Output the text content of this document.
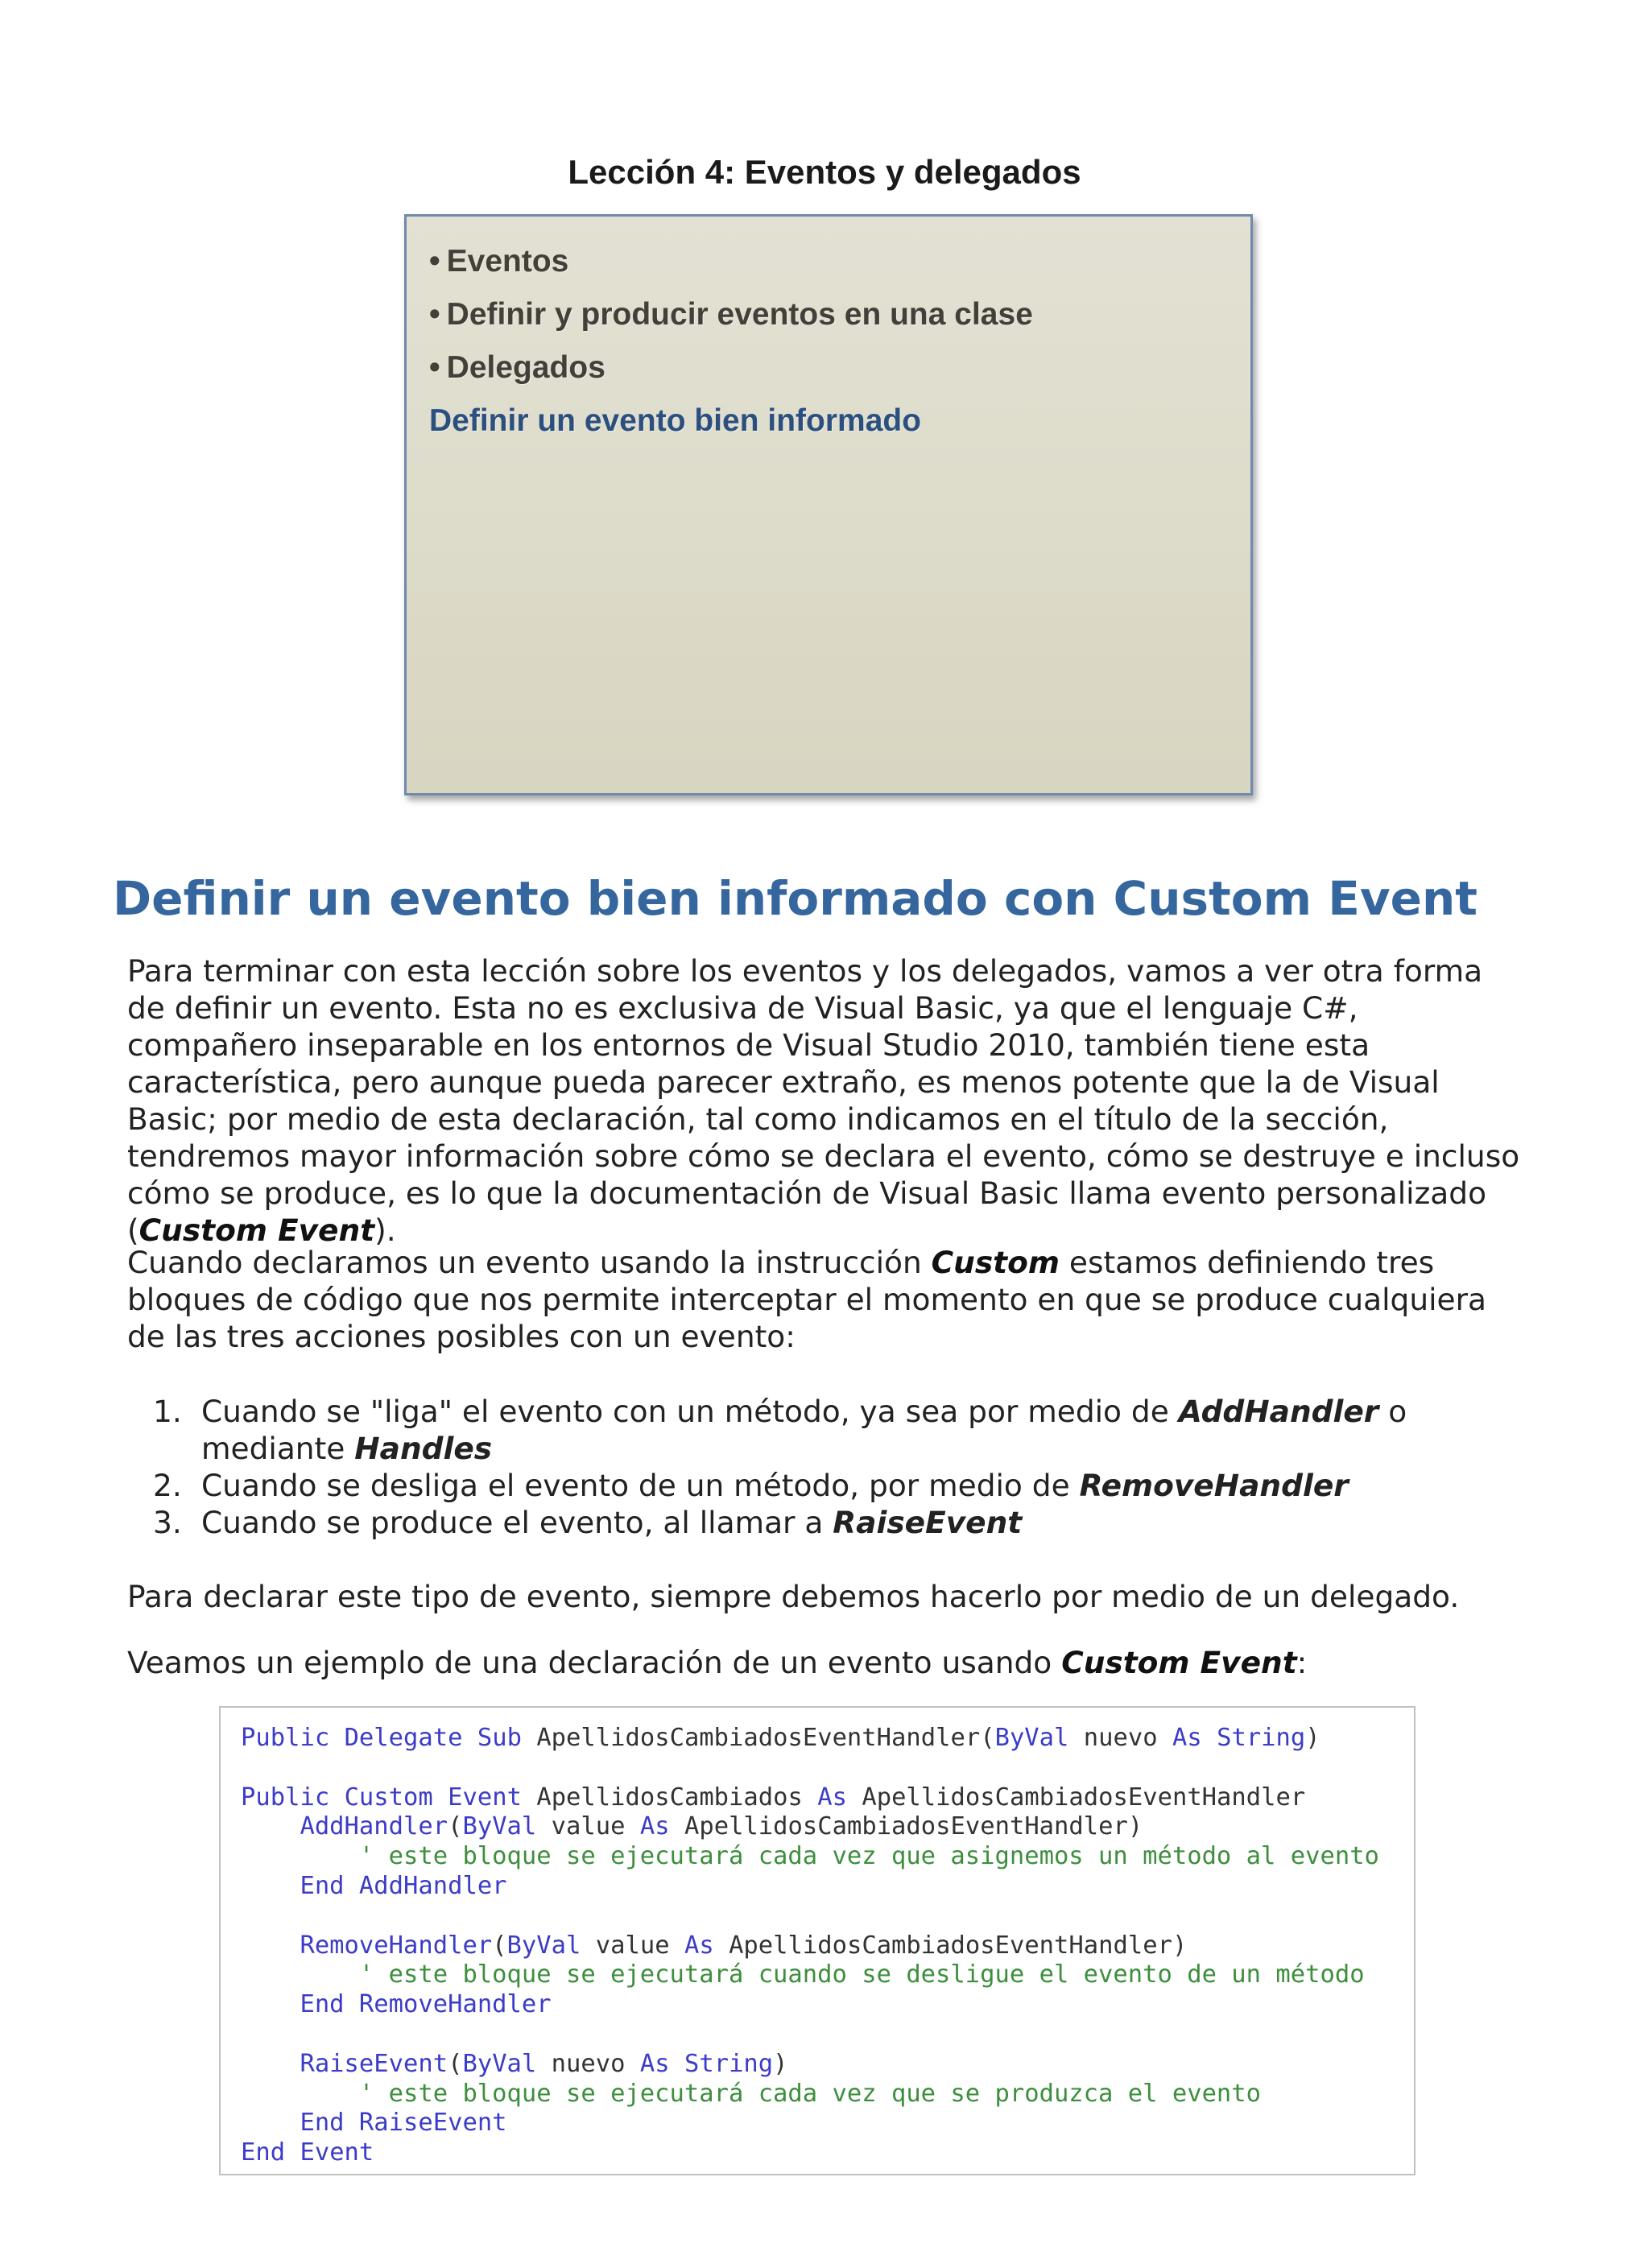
Lección 4: Eventos y delegados
• Eventos
• Definir y producir eventos en una clase
• Delegados
Definir un evento bien informado
Definir un evento bien informado con Custom Event

Para terminar con esta lección sobre los eventos y los delegados, vamos a ver otra forma de definir un evento. Esta no es exclusiva de Visual Basic, ya que el lenguaje C#, compañero inseparable en los entornos de Visual Studio 2010, también tiene esta característica, pero aunque pueda parecer extraño, es menos potente que la de Visual Basic; por medio de esta declaración, tal como indicamos en el título de la sección, tendremos mayor información sobre cómo se declara el evento, cómo se destruye e incluso cómo se produce, es lo que la documentación de Visual Basic llama evento personalizado (Custom Event).

Cuando declaramos un evento usando la instrucción Custom estamos definiendo tres bloques de código que nos permite interceptar el momento en que se produce cualquiera de las tres acciones posibles con un evento:

1. Cuando se "liga" el evento con un método, ya sea por medio de AddHandler o mediante Handles
2. Cuando se desliga el evento de un método, por medio de RemoveHandler
3. Cuando se produce el evento, al llamar a RaiseEvent

Para declarar este tipo de evento, siempre debemos hacerlo por medio de un delegado.

Veamos un ejemplo de una declaración de un evento usando Custom Event:

Public Delegate Sub ApellidosCambiadosEventHandler(ByVal nuevo As String)

Public Custom Event ApellidosCambiados As ApellidosCambiadosEventHandler
AddHandler(ByVal value As ApellidosCambiadosEventHandler)
' este bloque se ejecutará cada vez que asignemos un método al evento
End AddHandler

RemoveHandler(ByVal value As ApellidosCambiadosEventHandler)
' este bloque se ejecutará cuando se desligue el evento de un método
End RemoveHandler

RaiseEvent(ByVal nuevo As String)
' este bloque se ejecutará cada vez que se produzca el evento
End RaiseEvent
End Event
